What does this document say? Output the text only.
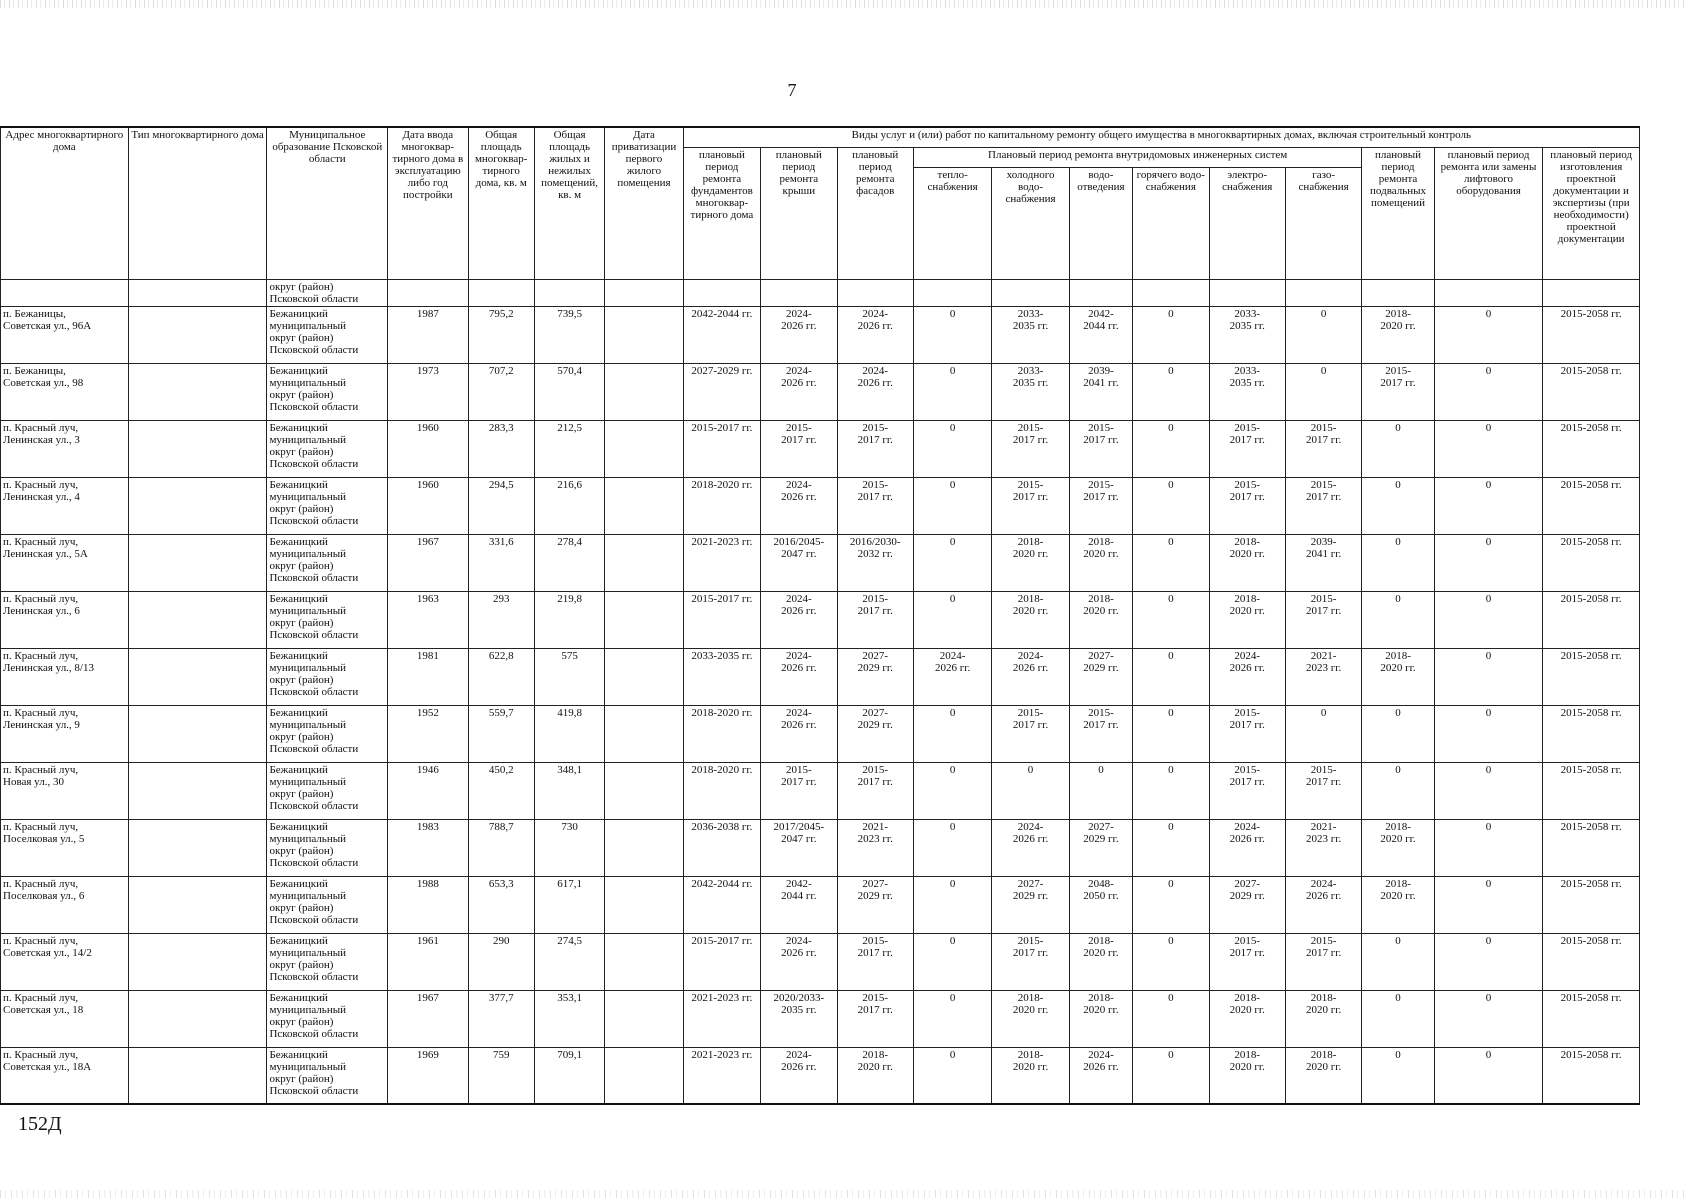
7
Адрес многоквартирного дома	Тип многоквартирного дома	Муниципальное образование Псковской области	Дата ввода многоквар-тирного дома в эксплуатацию либо год постройки	Общая площадь многоквар-тирного дома, кв. м	Общая площадь жилых и нежилых помещений, кв. м	Дата приватизации первого жилого помещения	Виды услуг и (или) работ по капитальному ремонту общего имущества в многоквартирных домах, включая строительный контроль											
							плановый период ремонта фундаментов многоквар-тирного дома	плановый период ремонта крыши	плановый период ремонта фасадов	Плановый период ремонта внутридомовых инженерных систем						плановый период ремонта подвальных помещений	плановый период ремонта или замены лифтового оборудования	плановый период изготовления проектной документации и экспертизы (при необходимости) проектной документации
										тепло-снабжения	холодного водо-снабжения	водо-отведения	горячего водо-снабжения	электро-снабжения	газо-снабжения			
		округ (район)
Псковской области																
п. Бежаницы,
Советская ул., 96А		Бежаницкий
муниципальный
округ (район)
Псковской области	1987	795,2	739,5		2042-2044 гг.	2024-
2026 гг.	2024-
2026 гг.	0	2033-
2035 гг.	2042-
2044 гг.	0	2033-
2035 гг.	0	2018-
2020 гг.	0	2015-2058 гг.
п. Бежаницы,
Советская ул., 98		Бежаницкий
муниципальный
округ (район)
Псковской области	1973	707,2	570,4		2027-2029 гг.	2024-
2026 гг.	2024-
2026 гг.	0	2033-
2035 гг.	2039-
2041 гг.	0	2033-
2035 гг.	0	2015-
2017 гг.	0	2015-2058 гг.
п. Красный луч,
Ленинская ул., 3		Бежаницкий
муниципальный
округ (район)
Псковской области	1960	283,3	212,5		2015-2017 гг.	2015-
2017 гг.	2015-
2017 гг.	0	2015-
2017 гг.	2015-
2017 гг.	0	2015-
2017 гг.	2015-
2017 гг.	0	0	2015-2058 гг.
п. Красный луч,
Ленинская ул., 4		Бежаницкий
муниципальный
округ (район)
Псковской области	1960	294,5	216,6		2018-2020 гг.	2024-
2026 гг.	2015-
2017 гг.	0	2015-
2017 гг.	2015-
2017 гг.	0	2015-
2017 гг.	2015-
2017 гг.	0	0	2015-2058 гг.
п. Красный луч,
Ленинская ул., 5А		Бежаницкий
муниципальный
округ (район)
Псковской области	1967	331,6	278,4		2021-2023 гг.	2016/2045-
2047 гг.	2016/2030-
2032 гг.	0	2018-
2020 гг.	2018-
2020 гг.	0	2018-
2020 гг.	2039-
2041 гг.	0	0	2015-2058 гг.
п. Красный луч,
Ленинская ул., 6		Бежаницкий
муниципальный
округ (район)
Псковской области	1963	293	219,8		2015-2017 гг.	2024-
2026 гг.	2015-
2017 гг.	0	2018-
2020 гг.	2018-
2020 гг.	0	2018-
2020 гг.	2015-
2017 гг.	0	0	2015-2058 гг.
п. Красный луч,
Ленинская ул., 8/13		Бежаницкий
муниципальный
округ (район)
Псковской области	1981	622,8	575		2033-2035 гг.	2024-
2026 гг.	2027-
2029 гг.	2024-
2026 гг.	2024-
2026 гг.	2027-
2029 гг.	0	2024-
2026 гг.	2021-
2023 гг.	2018-
2020 гг.	0	2015-2058 гг.
п. Красный луч,
Ленинская ул., 9		Бежаницкий
муниципальный
округ (район)
Псковской области	1952	559,7	419,8		2018-2020 гг.	2024-
2026 гг.	2027-
2029 гг.	0	2015-
2017 гг.	2015-
2017 гг.	0	2015-
2017 гг.	0	0	0	2015-2058 гг.
п. Красный луч,
Новая ул., 30		Бежаницкий
муниципальный
округ (район)
Псковской области	1946	450,2	348,1		2018-2020 гг.	2015-
2017 гг.	2015-
2017 гг.	0	0	0	0	2015-
2017 гг.	2015-
2017 гг.	0	0	2015-2058 гг.
п. Красный луч,
Поселковая ул., 5		Бежаницкий
муниципальный
округ (район)
Псковской области	1983	788,7	730		2036-2038 гг.	2017/2045-
2047 гг.	2021-
2023 гг.	0	2024-
2026 гг.	2027-
2029 гг.	0	2024-
2026 гг.	2021-
2023 гг.	2018-
2020 гг.	0	2015-2058 гг.
п. Красный луч,
Поселковая ул., 6		Бежаницкий
муниципальный
округ (район)
Псковской области	1988	653,3	617,1		2042-2044 гг.	2042-
2044 гг.	2027-
2029 гг.	0	2027-
2029 гг.	2048-
2050 гг.	0	2027-
2029 гг.	2024-
2026 гг.	2018-
2020 гг.	0	2015-2058 гг.
п. Красный луч,
Советская ул., 14/2		Бежаницкий
муниципальный
округ (район)
Псковской области	1961	290	274,5		2015-2017 гг.	2024-
2026 гг.	2015-
2017 гг.	0	2015-
2017 гг.	2018-
2020 гг.	0	2015-
2017 гг.	2015-
2017 гг.	0	0	2015-2058 гг.
п. Красный луч,
Советская ул., 18		Бежаницкий
муниципальный
округ (район)
Псковской области	1967	377,7	353,1		2021-2023 гг.	2020/2033-
2035 гг.	2015-
2017 гг.	0	2018-
2020 гг.	2018-
2020 гг.	0	2018-
2020 гг.	2018-
2020 гг.	0	0	2015-2058 гг.
п. Красный луч,
Советская ул., 18А		Бежаницкий
муниципальный
округ (район)
Псковской области	1969	759	709,1		2021-2023 гг.	2024-
2026 гг.	2018-
2020 гг.	0	2018-
2020 гг.	2024-
2026 гг.	0	2018-
2020 гг.	2018-
2020 гг.	0	0	2015-2058 гг.
152Д
